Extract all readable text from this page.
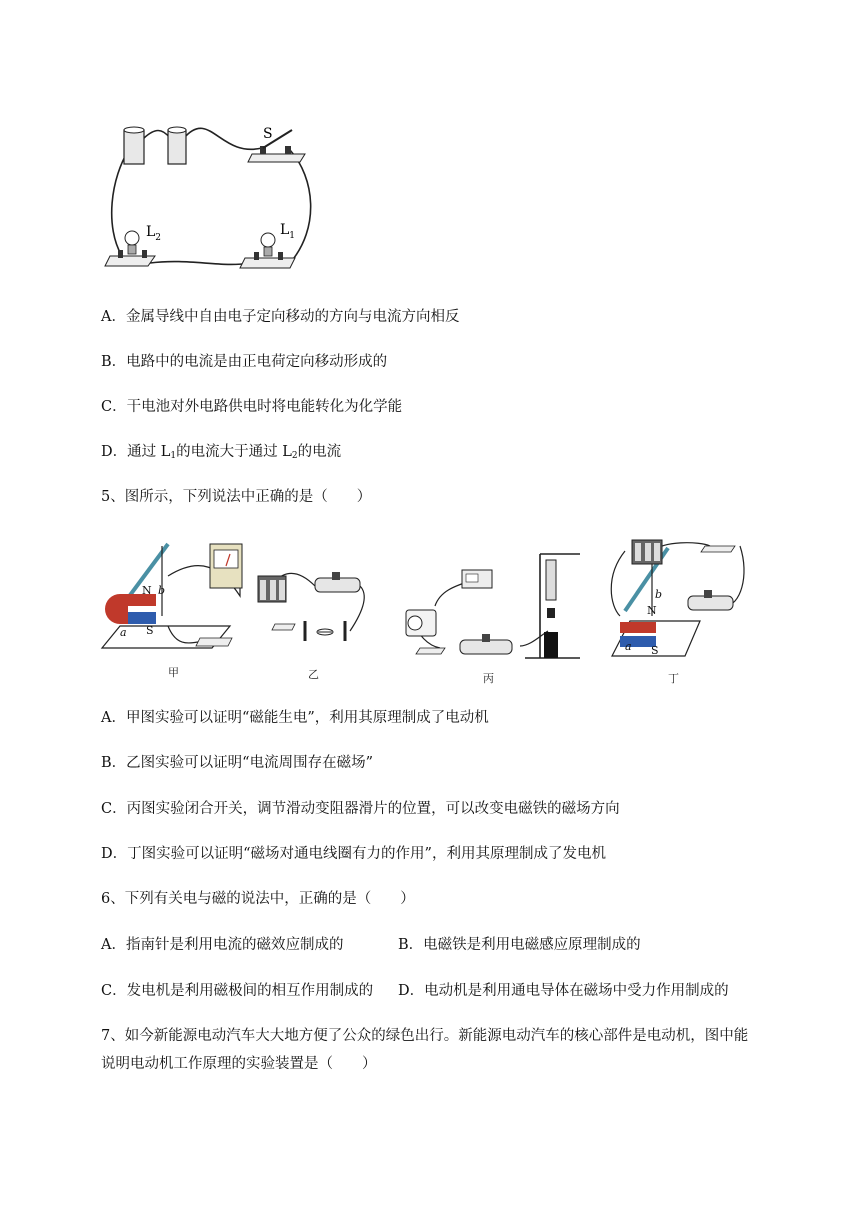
S
$L_2$	$L_1$
A．金属导线中自由电子定向移动的方向与电流方向相反
B．电路中的电流是由正电荷定向移动形成的
C．干电池对外电路供电时将电能转化为化学能
D．通过 $L_1$的电流大于通过 $L_2$的电流
5、图所示，下列说法中正确的是（　　）
N
S
a
b
N
S
a
b
甲	乙	丙	丁
A．甲图实验可以证明“磁能生电”，利用其原理制成了电动机
B．乙图实验可以证明“电流周围存在磁场”
C．丙图实验闭合开关，调节滑动变阻器滑片的位置，可以改变电磁铁的磁场方向
D．丁图实验可以证明“磁场对通电线圈有力的作用”，利用其原理制成了发电机
6、下列有关电与磁的说法中，正确的是（　　）
A．指南针是利用电流的磁效应制成的	B．电磁铁是利用电磁感应原理制成的
C．发电机是利用磁极间的相互作用制成的 D．电动机是利用通电导体在磁场中受力作用制成的
7、如今新能源电动汽车大大地方便了公众的绿色出行。新能源电动汽车的核心部件是电动机，图中能
说明电动机工作原理的实验装置是（　　）
